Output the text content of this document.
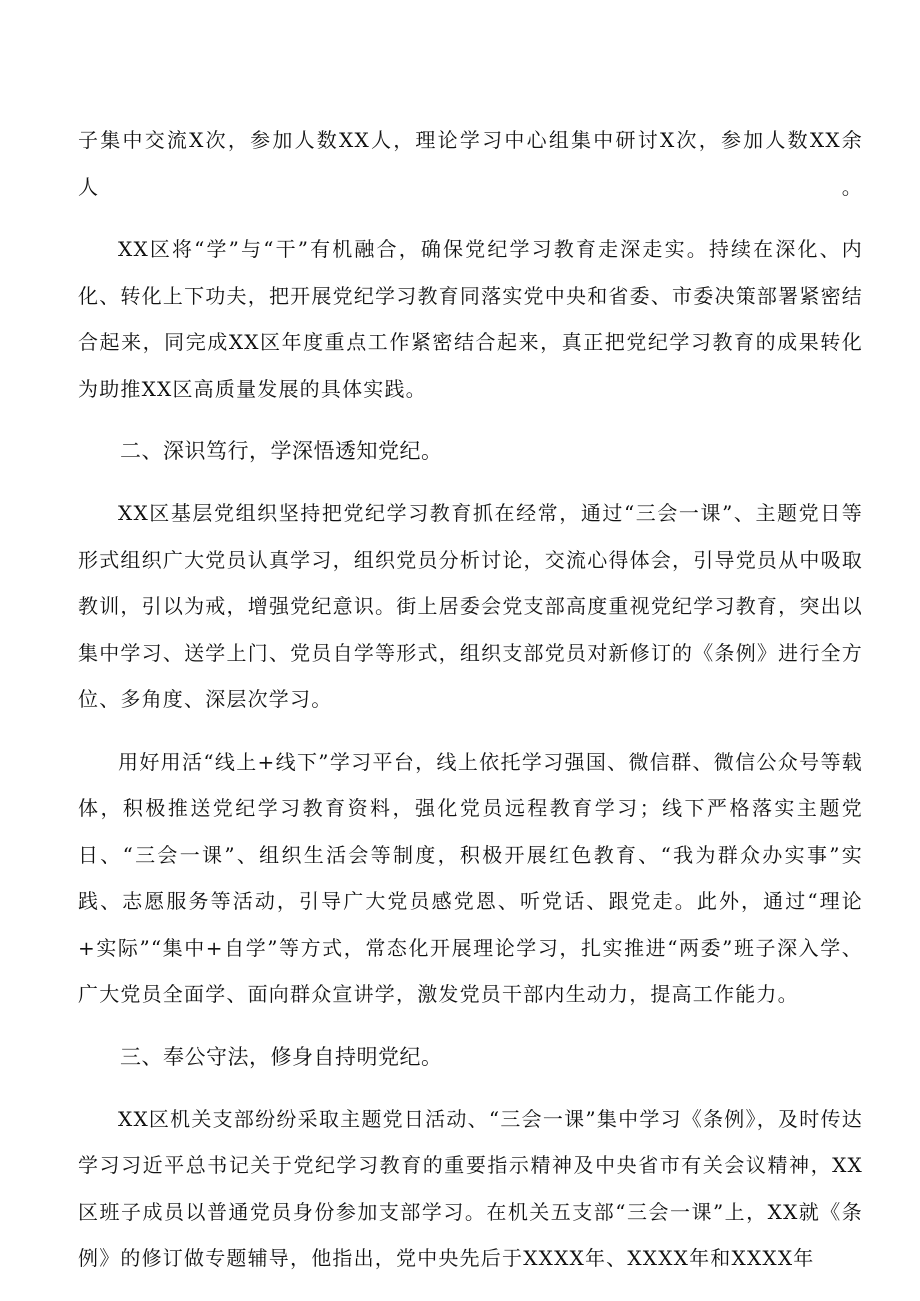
子集中交流X次，参加人数XX人，理论学习中心组集中研讨X次，参加人数XX余人。

XX区将“学”与“干”有机融合，确保党纪学习教育走深走实。持续在深化、内化、转化上下功夫，把开展党纪学习教育同落实党中央和省委、市委决策部署紧密结合起来，同完成XX区年度重点工作紧密结合起来，真正把党纪学习教育的成果转化为助推XX区高质量发展的具体实践。

二、深识笃行，学深悟透知党纪。

XX区基层党组织坚持把党纪学习教育抓在经常，通过“三会一课”、主题党日等形式组织广大党员认真学习，组织党员分析讨论，交流心得体会，引导党员从中吸取教训，引以为戒，增强党纪意识。街上居委会党支部高度重视党纪学习教育，突出以集中学习、送学上门、党员自学等形式，组织支部党员对新修订的《条例》进行全方位、多角度、深层次学习。

用好用活“线上+线下”学习平台，线上依托学习强国、微信群、微信公众号等载体，积极推送党纪学习教育资料，强化党员远程教育学习；线下严格落实主题党日、“三会一课”、组织生活会等制度，积极开展红色教育、“我为群众办实事”实践、志愿服务等活动，引导广大党员感党恩、听党话、跟党走。此外，通过“理论+实际”“集中+自学”等方式，常态化开展理论学习，扎实推进“两委”班子深入学、广大党员全面学、面向群众宣讲学，激发党员干部内生动力，提高工作能力。

三、奉公守法，修身自持明党纪。

XX区机关支部纷纷采取主题党日活动、“三会一课”集中学习《条例》，及时传达学习习近平总书记关于党纪学习教育的重要指示精神及中央省市有关会议精神，XX区班子成员以普通党员身份参加支部学习。在机关五支部“三会一课”上，XX就《条例》的修订做专题辅导，他指出，党中央先后于XXXX年、XXXX年和XXXX年
